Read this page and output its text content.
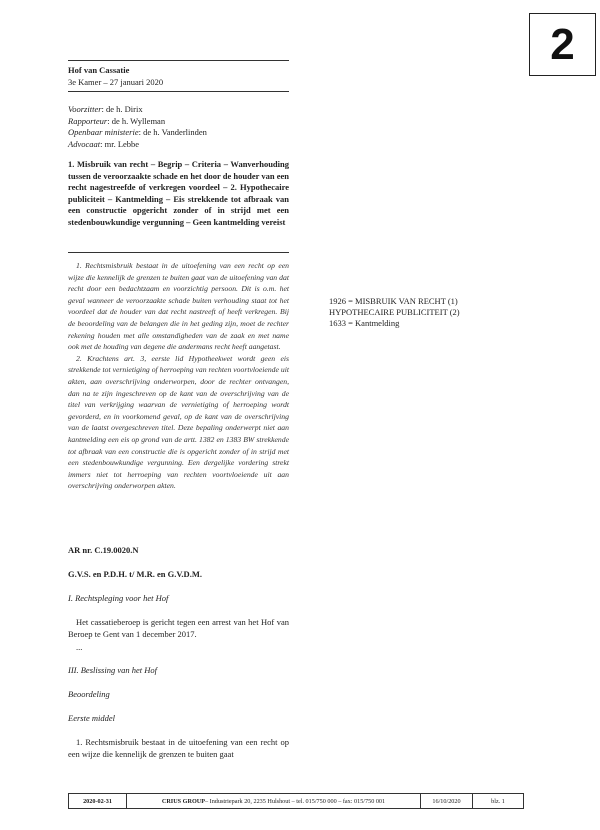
2
Hof van Cassatie
3e Kamer – 27 januari 2020
Voorzitter: de h. Dirix
Rapporteur: de h. Wylleman
Openbaar ministerie: de h. Vanderlinden
Advocaat: mr. Lebbe
1. Misbruik van recht – Begrip – Criteria – Wanverhouding tussen de veroorzaakte schade en het door de houder van een recht nagestreefde of verkregen voordeel – 2. Hypothecaire publiciteit – Kantmelding – Eis strekkende tot afbraak van een constructie opgericht zonder of in strijd met een stedenbouwkundige vergunning – Geen kantmelding vereist

1. Rechtsmisbruik bestaat in de uitoefening van een recht op een wijze die kennelijk de grenzen te buiten gaat van de uitoefening van dat recht door een bedachtzaam en voorzichtig persoon. Dit is o.m. het geval wanneer de veroorzaakte schade buiten verhouding staat tot het voordeel dat de houder van dat recht nastreeft of heeft verkregen. Bij de beoordeling van de belangen die in het geding zijn, moet de rechter rekening houden met alle omstandigheden van de zaak en met name ook met de houding van degene die andermans recht heeft aangetast.

2. Krachtens art. 3, eerste lid Hypotheekwet wordt geen eis strekkende tot vernietiging of herroeping van rechten voortvloeiende uit akten, aan overschrijving onderworpen, door de rechter ontvangen, dan na te zijn ingeschreven op de kant van de overschrijving van de titel van verkrijging waarvan de vernietiging of herroeping wordt gevorderd, en in voorkomend geval, op de kant van de overschrijving van de laatst overgeschreven titel. Deze bepaling onderwerpt niet aan kantmelding een eis op grond van de artt. 1382 en 1383 BW strekkende tot afbraak van een constructie die is opgericht zonder of in strijd met een stedenbouwkundige vergunning. Een dergelijke vordering strekt immers niet tot herroeping van rechten voortvloeiende uit aan overschrijving onderworpen akten.

1926 = MISBRUIK VAN RECHT (1)
HYPOTHECAIRE PUBLICITEIT (2)
1633 = Kantmelding
AR nr. C.19.0020.N
G.V.S. en P.D.H. t/ M.R. en G.V.D.M.
I. Rechtspleging voor het Hof
Het cassatieberoep is gericht tegen een arrest van het Hof van Beroep te Gent van 1 december 2017.
...
III. Beslissing van het Hof
Beoordeling
Eerste middel
1. Rechtsmisbruik bestaat in de uitoefening van een recht op een wijze die kennelijk de grenzen te buiten gaat
2020-02-31	CRIUS GROUP – Industriepark 20, 2235 Hulshout – tel. 015/750 000 – fax: 015/750 001	16/10/2020	blz. 1
